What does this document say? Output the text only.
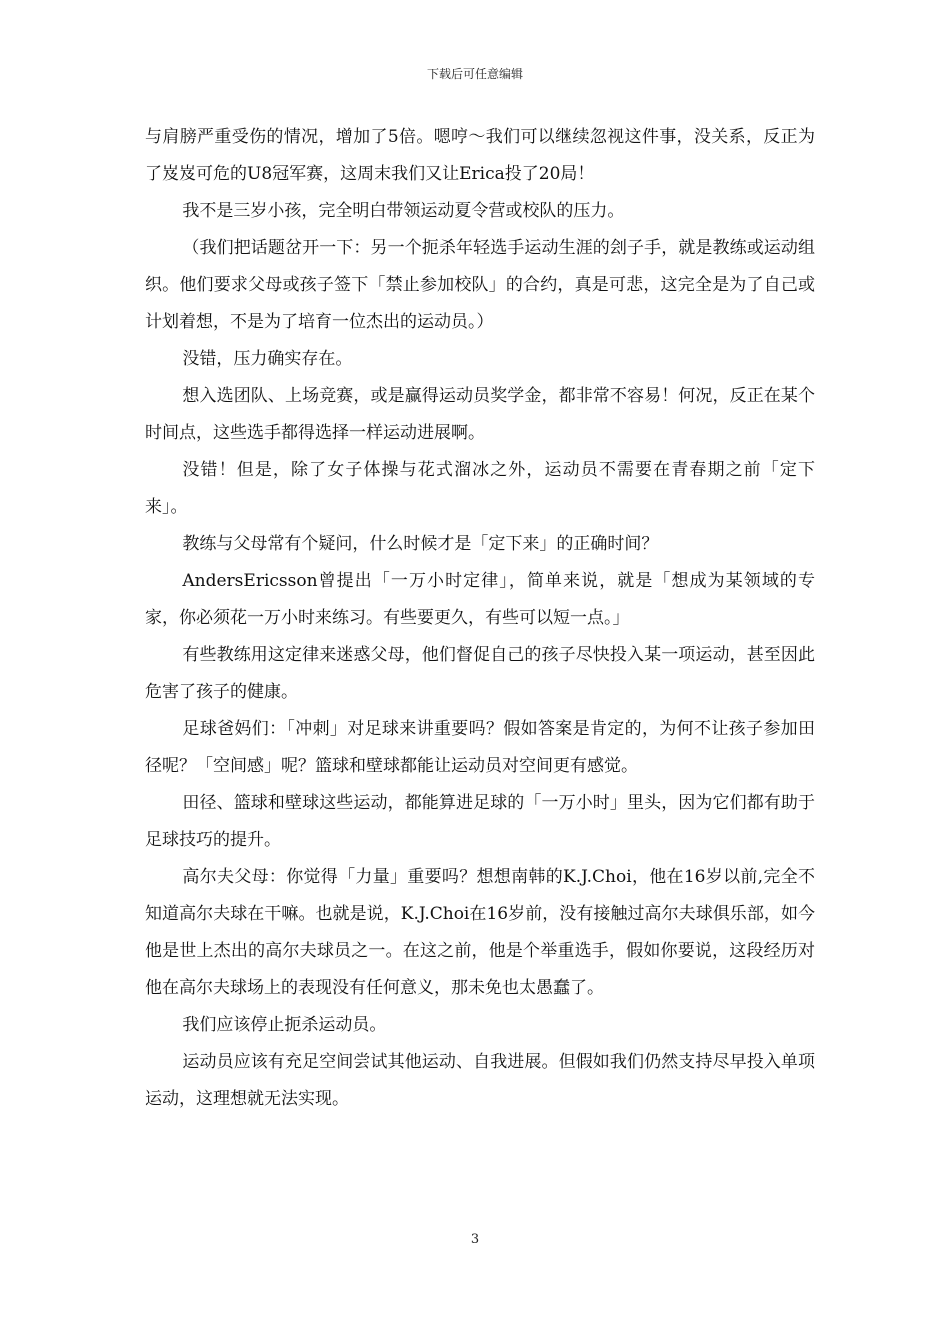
下载后可任意编辑

与肩膀严重受伤的情况，增加了5倍。嗯哼～我们可以继续忽视这件事，没关系，反正为了岌岌可危的U8冠军赛，这周末我们又让Erica投了20局！

我不是三岁小孩，完全明白带领运动夏令营或校队的压力。

（我们把话题岔开一下：另一个扼杀年轻选手运动生涯的刽子手，就是教练或运动组织。他们要求父母或孩子签下「禁止参加校队」的合约，真是可悲，这完全是为了自己或计划着想，不是为了培育一位杰出的运动员。）

没错，压力确实存在。

想入选团队、上场竞赛，或是赢得运动员奖学金，都非常不容易！何况，反正在某个时间点，这些选手都得选择一样运动进展啊。

没错！但是，除了女子体操与花式溜冰之外，运动员不需要在青春期之前「定下来」。

教练与父母常有个疑问，什么时候才是「定下来」的正确时间？

AndersEricsson曾提出「一万小时定律」，简单来说，就是「想成为某领域的专家，你必须花一万小时来练习。有些要更久，有些可以短一点。」

有些教练用这定律来迷惑父母，他们督促自己的孩子尽快投入某一项运动，甚至因此危害了孩子的健康。

足球爸妈们：「冲刺」对足球来讲重要吗？假如答案是肯定的，为何不让孩子参加田径呢？「空间感」呢？篮球和壁球都能让运动员对空间更有感觉。

田径、篮球和壁球这些运动，都能算进足球的「一万小时」里头，因为它们都有助于足球技巧的提升。

高尔夫父母：你觉得「力量」重要吗？想想南韩的K.J.Choi，他在16岁以前,完全不知道高尔夫球在干嘛。也就是说，K.J.Choi在16岁前，没有接触过高尔夫球俱乐部，如今他是世上杰出的高尔夫球员之一。在这之前，他是个举重选手，假如你要说，这段经历对他在高尔夫球场上的表现没有任何意义，那未免也太愚蠢了。

我们应该停止扼杀运动员。

运动员应该有充足空间尝试其他运动、自我进展。但假如我们仍然支持尽早投入单项运动，这理想就无法实现。

3
